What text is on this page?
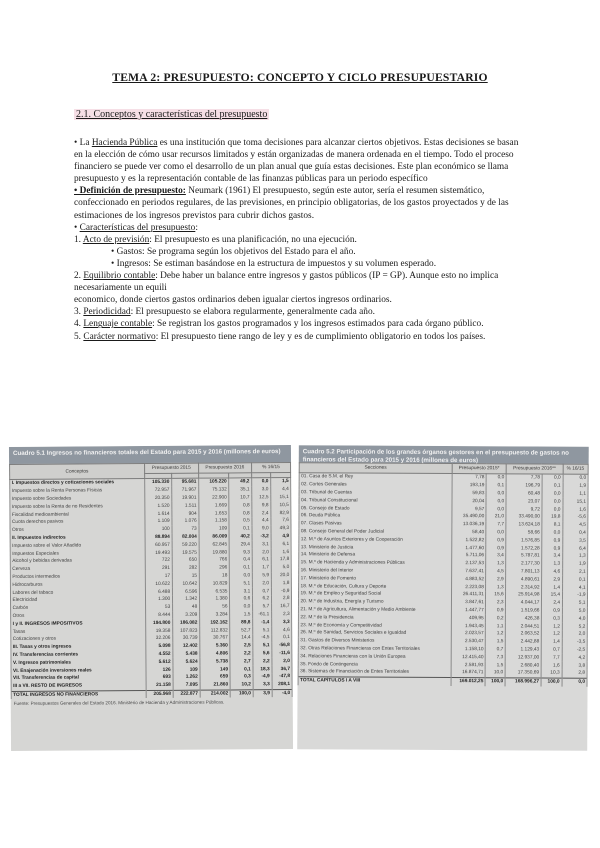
TEMA 2: PRESUPUESTO: CONCEPTO Y CICLO PRESUPUESTARIO
2.1. Conceptos y características del presupuesto

• La Hacienda Pública es una institución que toma decisiones para alcanzar ciertos objetivos. Estas decisiones se basan en la elección de cómo usar recursos limitados y están organizadas de manera ordenada en el tiempo. Todo el proceso financiero se puede ver como el desarrollo de un plan anual que guía estas decisiones. Este plan económico se llama presupuesto y es la representación contable de las finanzas públicas para un periodo específico

• Definición de presupuesto: Neumark (1961) El presupuesto, según este autor, sería el resumen sistemático, confeccionado en periodos regulares, de las previsiones, en principio obligatorias, de los gastos proyectados y de las estimaciones de los ingresos previstos para cubrir dichos gastos.

• Características del presupuesto:

1. Acto de previsión: El presupuesto es una planificación, no una ejecución.

• Gastos: Se programa según los objetivos del Estado para el año.

• Ingresos: Se estiman basándose en la estructura de impuestos y su volumen esperado.

2. Equilibrio contable: Debe haber un balance entre ingresos y gastos públicos (IP = GP). Aunque esto no implica necesariamente un equili

economico, donde ciertos gastos ordinarios deben igualar ciertos ingresos ordinarios.

3. Periodicidad: El presupuesto se elabora regularmente, generalmente cada año.

4. Lenguaje contable: Se registran los gastos programados y los ingresos estimados para cada órgano público.

5. Carácter normativo: El presupuesto tiene rango de ley y es de cumplimiento obligatorio en todos los países.

Cuadro 5.1 Ingresos no financieros totales del Estado para 2015 y 2016 (millones de euros)
Conceptos	Presupuesto 2015		Presupuesto 2016		% 16/15	

I. Impuestos directos y cotizaciones sociales	105.330	95.681	105.220	49,2	0,0	1,5
Impuesto sobre la Renta Personas Físicas	72.957	71.967	75.132	35,1	3,0	4,4
Impuesto sobre Sociedades	20.350	19.901	22.900	10,7	12,5	15,1
Impuesto sobre la Renta de no Residentes	1.520	1.511	1.669	0,8	9,8	10,5
Fiscalidad medioambiental	1.614	904	1.653	0,8	2,4	82,9
Cuota derechos pasivos	1.109	1.076	1.158	0,5	4,4	7,6
Otros	100	73	109	0,1	9,0	49,3
II. Impuestos indirectos	88.894	82.004	86.009	40,2	-3,2	4,9
Impuesto sobre el Valor Añadido	60.957	59.220	62.845	29,4	3,1	6,1
Impuestos Especiales	19.493	19.575	19.880	9,3	2,0	1,6
Alcohol y bebidas derivadas	722	650	766	0,4	6,1	17,8
Cerveza	291	282	296	0,1	1,7	5,0
Productos intermedios	17	15	18	0,0	5,9	20,0
Hidrocarburos	10.622	10.642	10.829	5,1	2,0	1,8
Labores del tabaco	6.488	6.596	6.535	3,1	0,7	-0,9
Electricidad	1.300	1.342	1.380	0,6	6,2	2,8
Carbón	53	48	56	0,0	5,7	16,7
Otros	8.444	3.209	3.284	1,5	-61,1	2,3
I y II. INGRESOS IMPOSITIVOS	194.800	186.082	192.162	89,8	-1,4	3,3
Tasas	19.358	107.823	112.832	52,7	5,1	4,6
Cotizaciones y otros	32.206	30.739	30.767	14,4	-4,5	0,1
III. Tasas y otros ingresos	5.098	12.402	5.360	2,5	5,1	-56,8
IV. Transferencias corrientes	4.552	5.438	4.806	2,2	5,6	-11,6
V. Ingresos patrimoniales	5.612	5.624	5.738	2,7	2,2	2,0
VI. Enajenación inversiones reales	126	109	149	0,1	18,3	36,7
VII. Transferencias de capital	693	1.262	659	0,3	-4,9	-47,8
III a VII. RESTO DE INGRESOS	21.158	7.095	21.860	10,2	3,3	208,1
TOTAL INGRESOS NO FINANCIEROS	205.968	222.877	214.002	100,0	3,9	-4,0
Fuente: Presupuestos Generales del Estado 2016. Ministerio de Hacienda y Administraciones Públicas.
Cuadro 5.2 Participación de los grandes órganos gestores en el presupuesto de gastos no financieros del Estado para 2015 y 2016 (millones de euros)
Secciones	Presupuesto 2015*		Presupuesto 2016**		% 16/15
01. Casa de S.M. el Rey	7,78	0,0	7,78	0,0	0,0
02. Cortes Generales	193,19	0,1	196,79	0,1	1,9
03. Tribunal de Cuentas	59,83	0,0	60,48	0,0	1,1
04. Tribunal Constitucional	20,04	0,0	23,07	0,0	15,1
05. Consejo de Estado	9,57	0,0	9,72	0,0	1,6
06. Deuda Pública	35.490,00	21,0	33.490,00	19,8	-5,6
07. Clases Pasivas	13.036,19	7,7	13.624,18	8,1	4,5
08. Consejo General del Poder Judicial	58,40	0,0	58,66	0,0	0,4
12. M.º de Asuntos Exteriores y de Cooperación	1.522,82	0,9	1.576,85	0,9	3,5
13. Ministerio de Justicia	1.477,60	0,9	1.572,28	0,9	6,4
14. Ministerio de Defensa	5.711,06	3,4	5.787,81	3,4	1,3
15. M.º de Hacienda y Administraciones Públicas	2.137,53	1,3	2.177,30	1,3	1,9
16. Ministerio del Interior	7.637,41	4,5	7.801,13	4,6	2,1
17. Ministerio de Fomento	4.883,52	2,9	4.890,61	2,9	0,1
18. M.º de Educación, Cultura y Deporte	2.223,08	1,3	2.314,92	1,4	4,1
19. M.º de Empleo y Seguridad Social	26.411,31	15,6	25.914,98	15,4	-1,9
20. M.º de Industria, Energía y Turismo	3.847,61	2,3	4.044,17	2,4	5,1
21. M.º de Agricultura, Alimentación y Medio Ambiente	1.447,77	0,9	1.519,66	0,9	5,0
22. M.º de la Presidencia	409,95	0,2	426,38	0,3	4,0
23. M.º de Economía y Competitividad	1.943,45	1,1	2.044,51	1,2	5,2
26. M.º de Sanidad, Servicios Sociales e Igualdad	2.023,57	1,2	2.063,52	1,2	2,0
31. Gastos de Diversos Ministerios	2.530,47	1,5	2.442,88	1,4	-3,5
32. Otras Relaciones Financieras con Entes Territoriales	1.158,10	0,7	1.129,43	0,7	-2,5
34. Relaciones Financieras con la Unión Europea	12.415,40	7,3	12.937,00	7,7	4,2
35. Fondo de Contingencia	2.581,93	1,5	2.680,40	1,6	3,8
36. Sistemas de Financiación de Entes Territoriales	16.874,71	10,0	17.350,69	10,3	2,8
TOTAL CAPÍTULOS I A VIII	169.012,25	100,0	168.996,27	100,0	0,0
